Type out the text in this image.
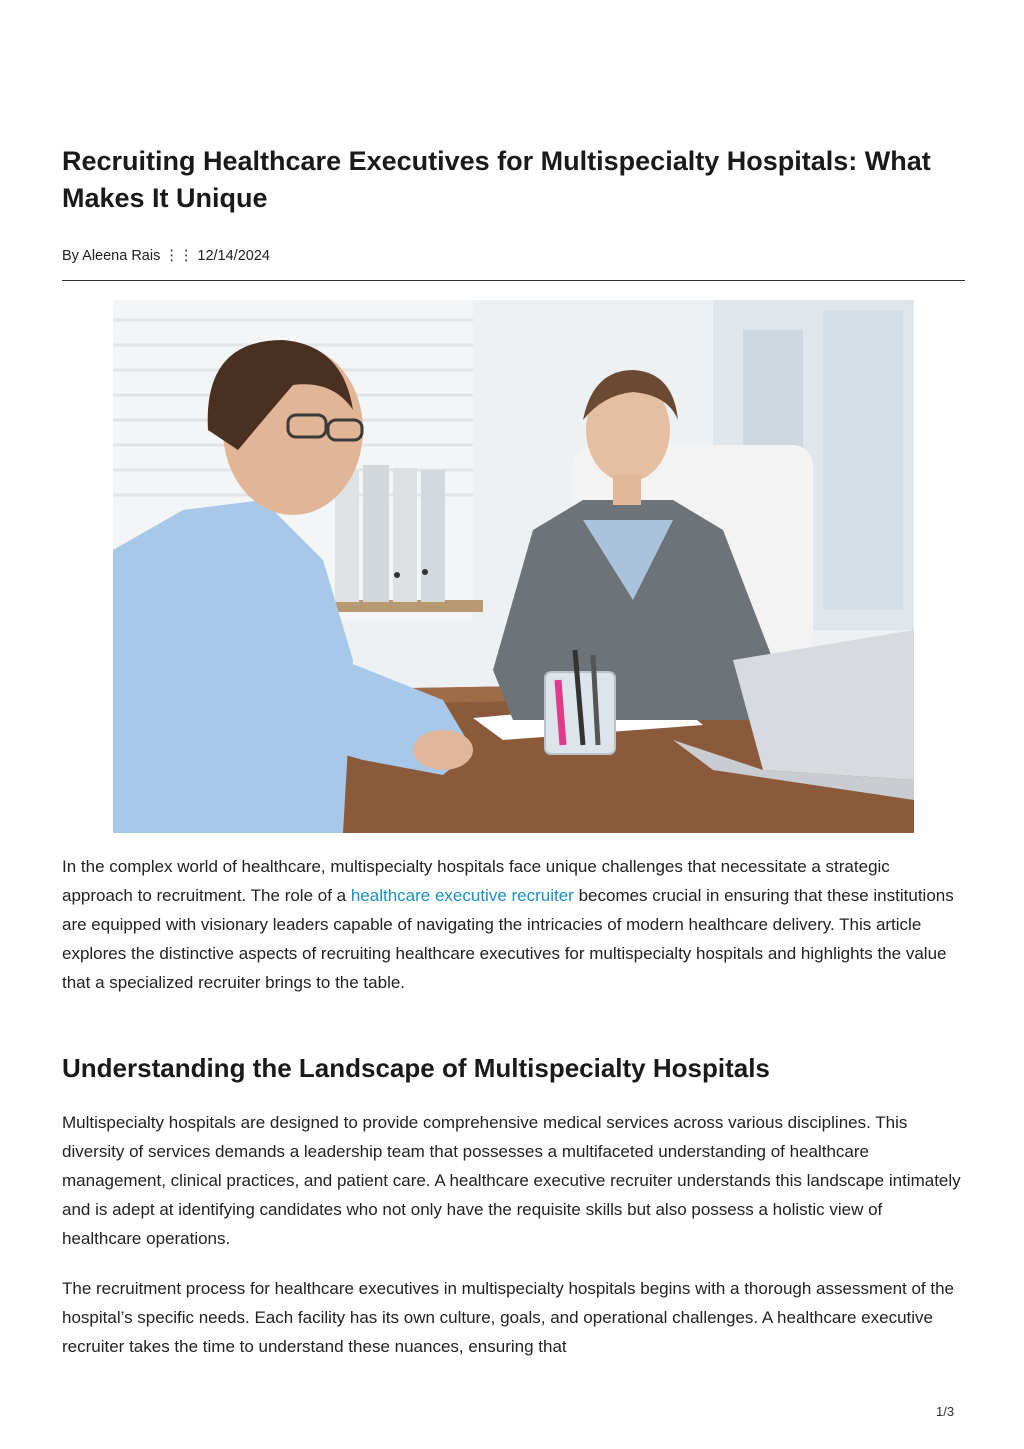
Recruiting Healthcare Executives for Multispecialty Hospitals: What Makes It Unique
By Aleena Rais ⋮⋮ 12/14/2024

In the complex world of healthcare, multispecialty hospitals face unique challenges that necessitate a strategic approach to recruitment. The role of a healthcare executive recruiter becomes crucial in ensuring that these institutions are equipped with visionary leaders capable of navigating the intricacies of modern healthcare delivery. This article explores the distinctive aspects of recruiting healthcare executives for multispecialty hospitals and highlights the value that a specialized recruiter brings to the table.

Understanding the Landscape of Multispecialty Hospitals

Multispecialty hospitals are designed to provide comprehensive medical services across various disciplines. This diversity of services demands a leadership team that possesses a multifaceted understanding of healthcare management, clinical practices, and patient care. A healthcare executive recruiter understands this landscape intimately and is adept at identifying candidates who not only have the requisite skills but also possess a holistic view of healthcare operations.

The recruitment process for healthcare executives in multispecialty hospitals begins with a thorough assessment of the hospital’s specific needs. Each facility has its own culture, goals, and operational challenges. A healthcare executive recruiter takes the time to understand these nuances, ensuring that

1/3
